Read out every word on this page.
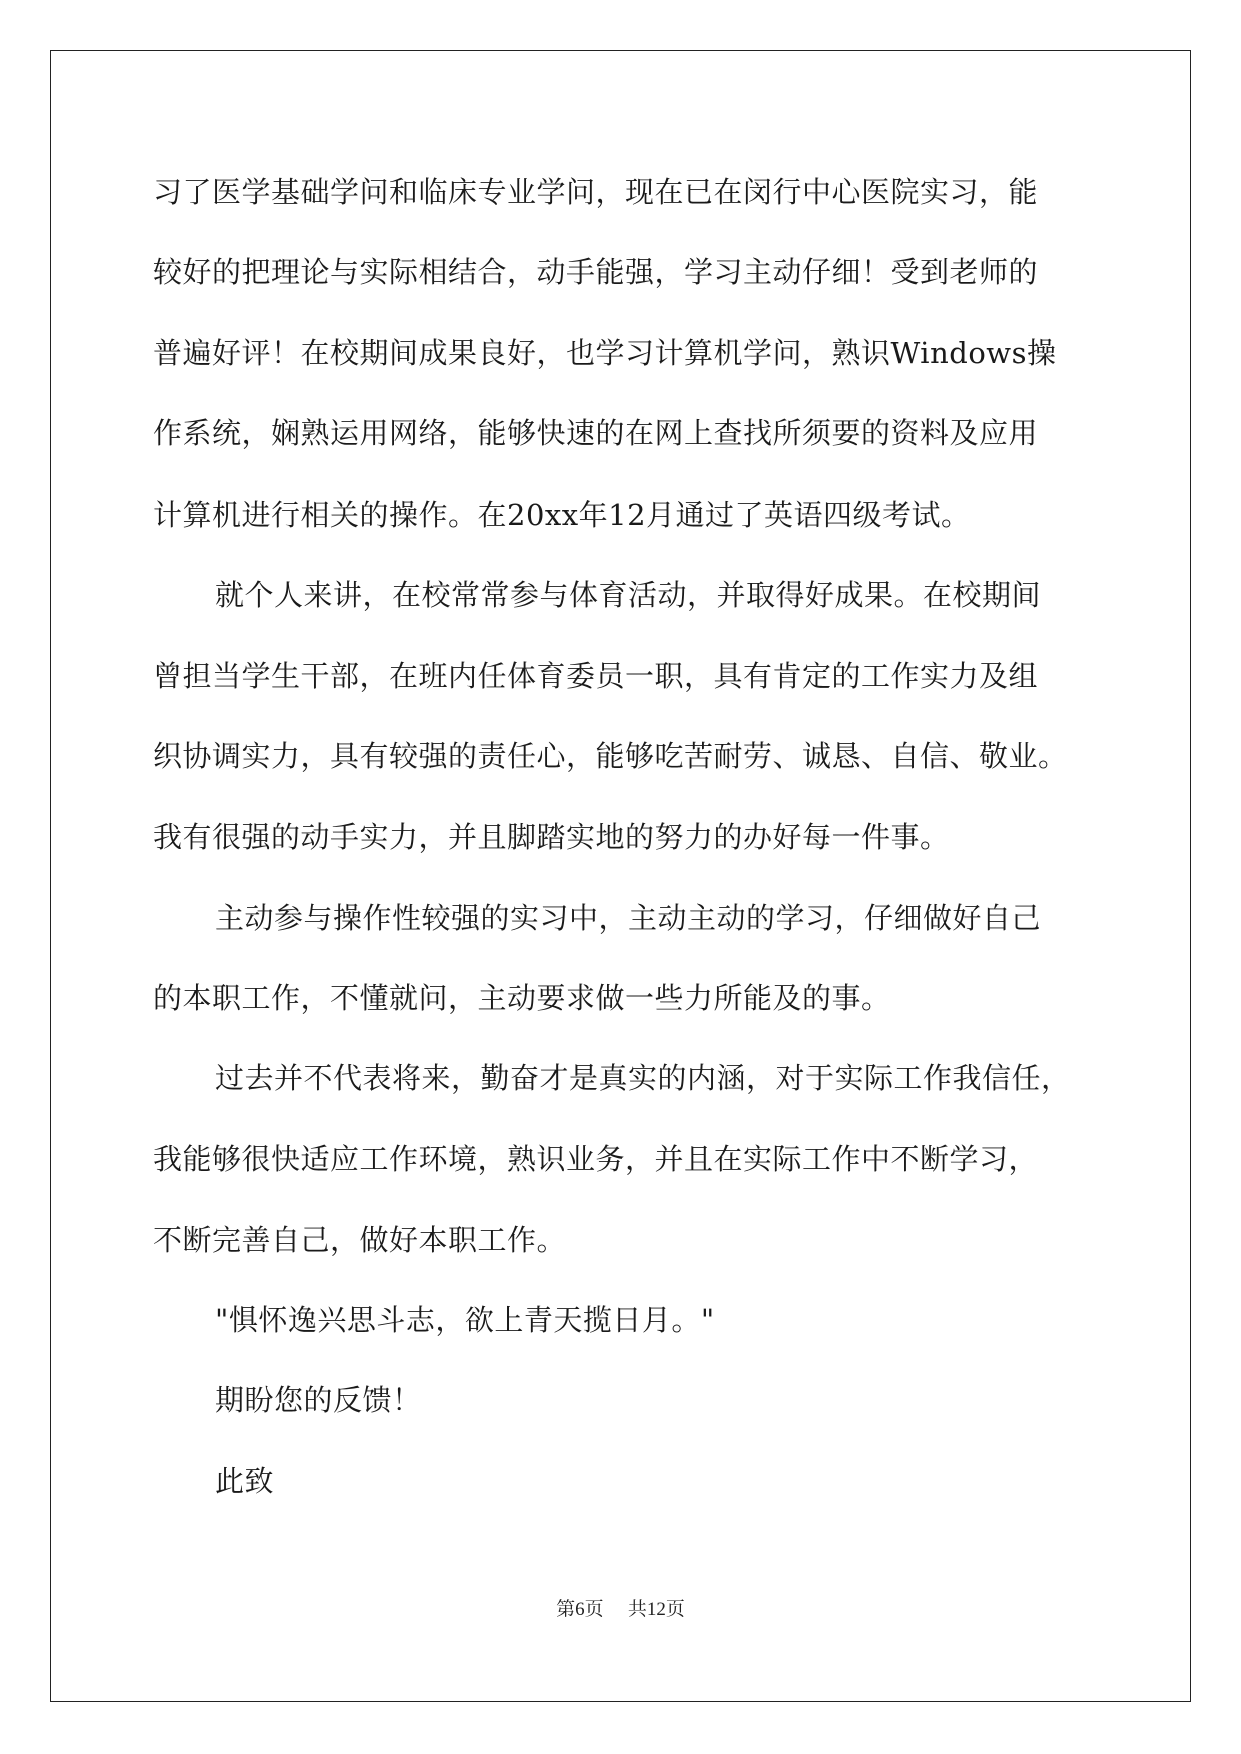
习了医学基础学问和临床专业学问，现在已在闵行中心医院实习，能
较好的把理论与实际相结合，动手能强，学习主动仔细！受到老师的
普遍好评！在校期间成果良好，也学习计算机学问，熟识Windows操
作系统，娴熟运用网络，能够快速的在网上查找所须要的资料及应用
计算机进行相关的操作。在20xx年12月通过了英语四级考试。
就个人来讲，在校常常参与体育活动，并取得好成果。在校期间
曾担当学生干部，在班内任体育委员一职，具有肯定的工作实力及组
织协调实力，具有较强的责任心，能够吃苦耐劳、诚恳、自信、敬业。
我有很强的动手实力，并且脚踏实地的努力的办好每一件事。
主动参与操作性较强的实习中，主动主动的学习，仔细做好自己
的本职工作，不懂就问，主动要求做一些力所能及的事。
过去并不代表将来，勤奋才是真实的内涵，对于实际工作我信任，
我能够很快适应工作环境，熟识业务，并且在实际工作中不断学习，
不断完善自己，做好本职工作。
"惧怀逸兴思斗志，欲上青天揽日月。"
期盼您的反馈！
此致
第6页 共12页
